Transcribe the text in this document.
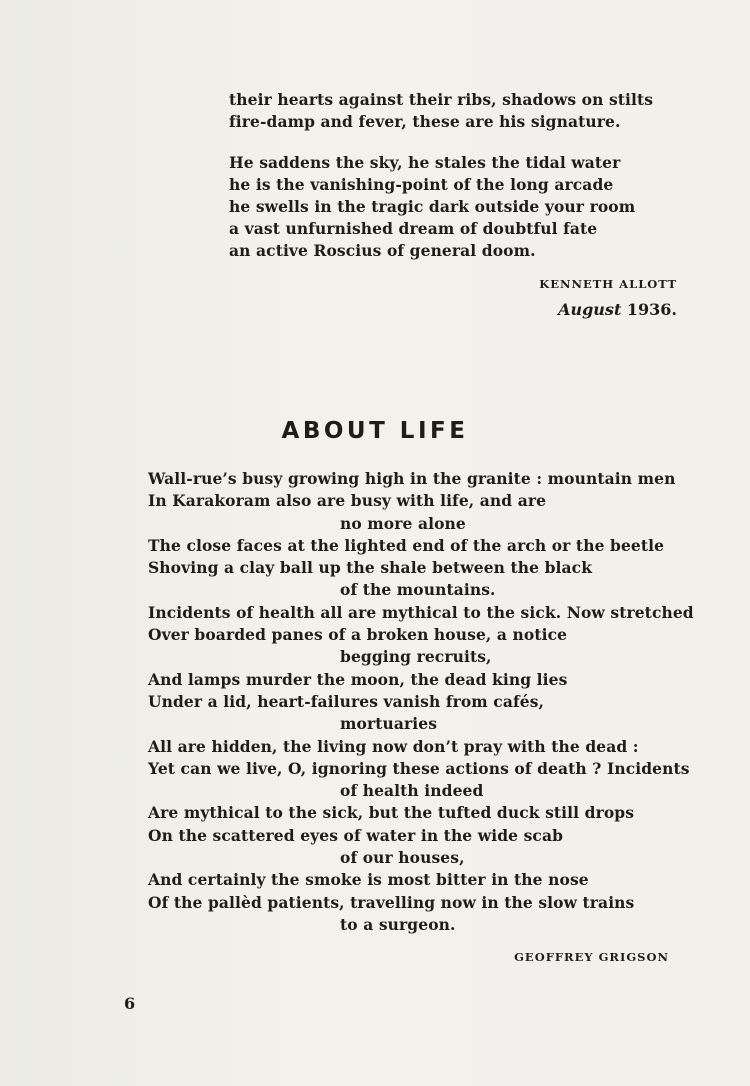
their hearts against their ribs, shadows on stilts
fire-damp and fever, these are his signature.
He saddens the sky, he stales the tidal water
he is the vanishing-point of the long arcade
he swells in the tragic dark outside your room
a vast unfurnished dream of doubtful fate
an active Roscius of general doom.
KENNETH ALLOTT
August 1936.
ABOUT LIFE
Wall-rue’s busy growing high in the granite : mountain men
In Karakoram also are busy with life, and are
no more alone
The close faces at the lighted end of the arch or the beetle
Shoving a clay ball up the shale between the black
of the mountains.
Incidents of health all are mythical to the sick. Now stretched
Over boarded panes of a broken house, a notice
begging recruits,
And lamps murder the moon, the dead king lies
Under a lid, heart-failures vanish from cafés,
mortuaries
All are hidden, the living now don’t pray with the dead :
Yet can we live, O, ignoring these actions of death ? Incidents
of health indeed
Are mythical to the sick, but the tufted duck still drops
On the scattered eyes of water in the wide scab
of our houses,
And certainly the smoke is most bitter in the nose
Of the pallèd patients, travelling now in the slow trains
to a surgeon.
GEOFFREY GRIGSON
6
